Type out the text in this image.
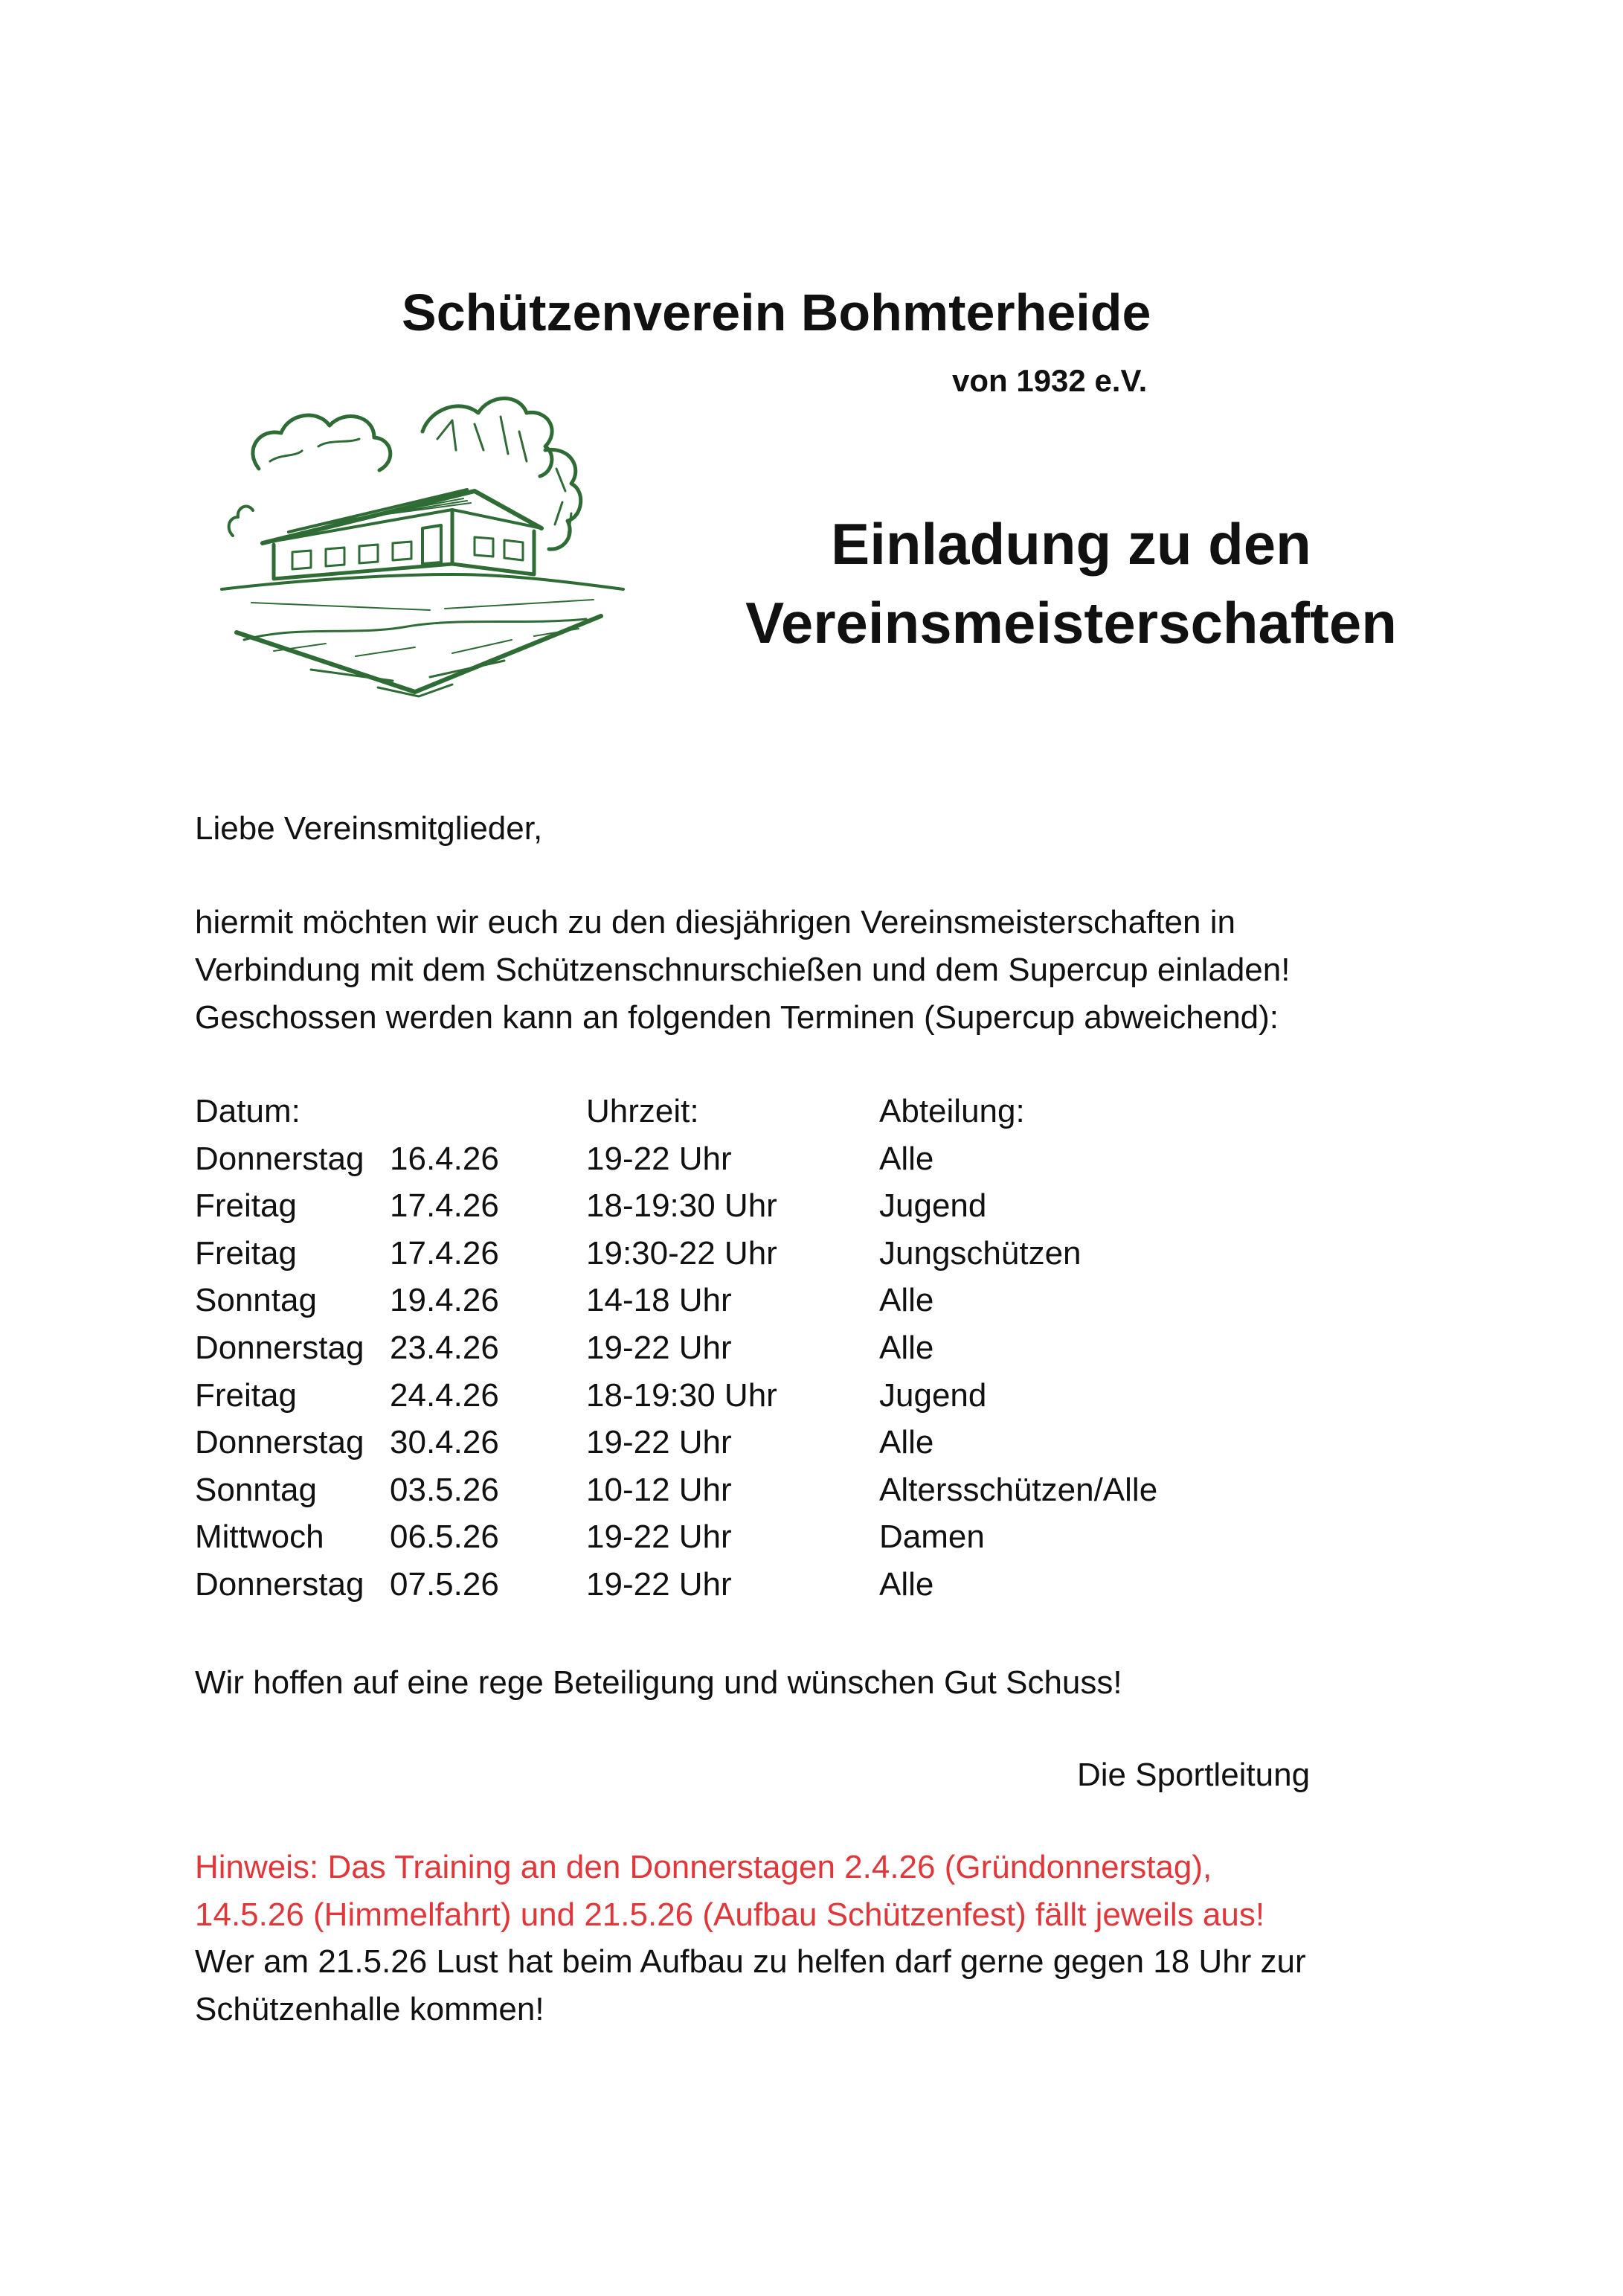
Schützenverein Bohmterheide
von 1932 e.V.
Einladung zu den
Vereinsmeisterschaften
Liebe Vereinsmitglieder,
hiermit möchten wir euch zu den diesjährigen Vereinsmeisterschaften in
Verbindung mit dem Schützenschnurschießen und dem Supercup einladen!
Geschossen werden kann an folgenden Terminen (Supercup abweichend):
Datum:	Uhrzeit:	Abteilung:
Donnerstag 16.4.26	19-22 Uhr	Alle
Freitag	17.4.26	18-19:30 Uhr	Jugend
Freitag	17.4.26	19:30-22 Uhr	Jungschützen
Sonntag 19.4.26	14-18 Uhr	Alle
Donnerstag 23.4.26	19-22 Uhr	Alle
Freitag	24.4.26	18-19:30 Uhr	Jugend
Donnerstag 30.4.26	19-22 Uhr	Alle
Sonntag 03.5.26	10-12 Uhr	Altersschützen/Alle
Mittwoch 06.5.26	19-22 Uhr	Damen
Donnerstag 07.5.26	19-22 Uhr	Alle
Wir hoffen auf eine rege Beteiligung und wünschen Gut Schuss!
Die Sportleitung
Hinweis: Das Training an den Donnerstagen 2.4.26 (Gründonnerstag),
14.5.26 (Himmelfahrt) und 21.5.26 (Aufbau Schützenfest) fällt jeweils aus!
Wer am 21.5.26 Lust hat beim Aufbau zu helfen darf gerne gegen 18 Uhr zur
Schützenhalle kommen!
